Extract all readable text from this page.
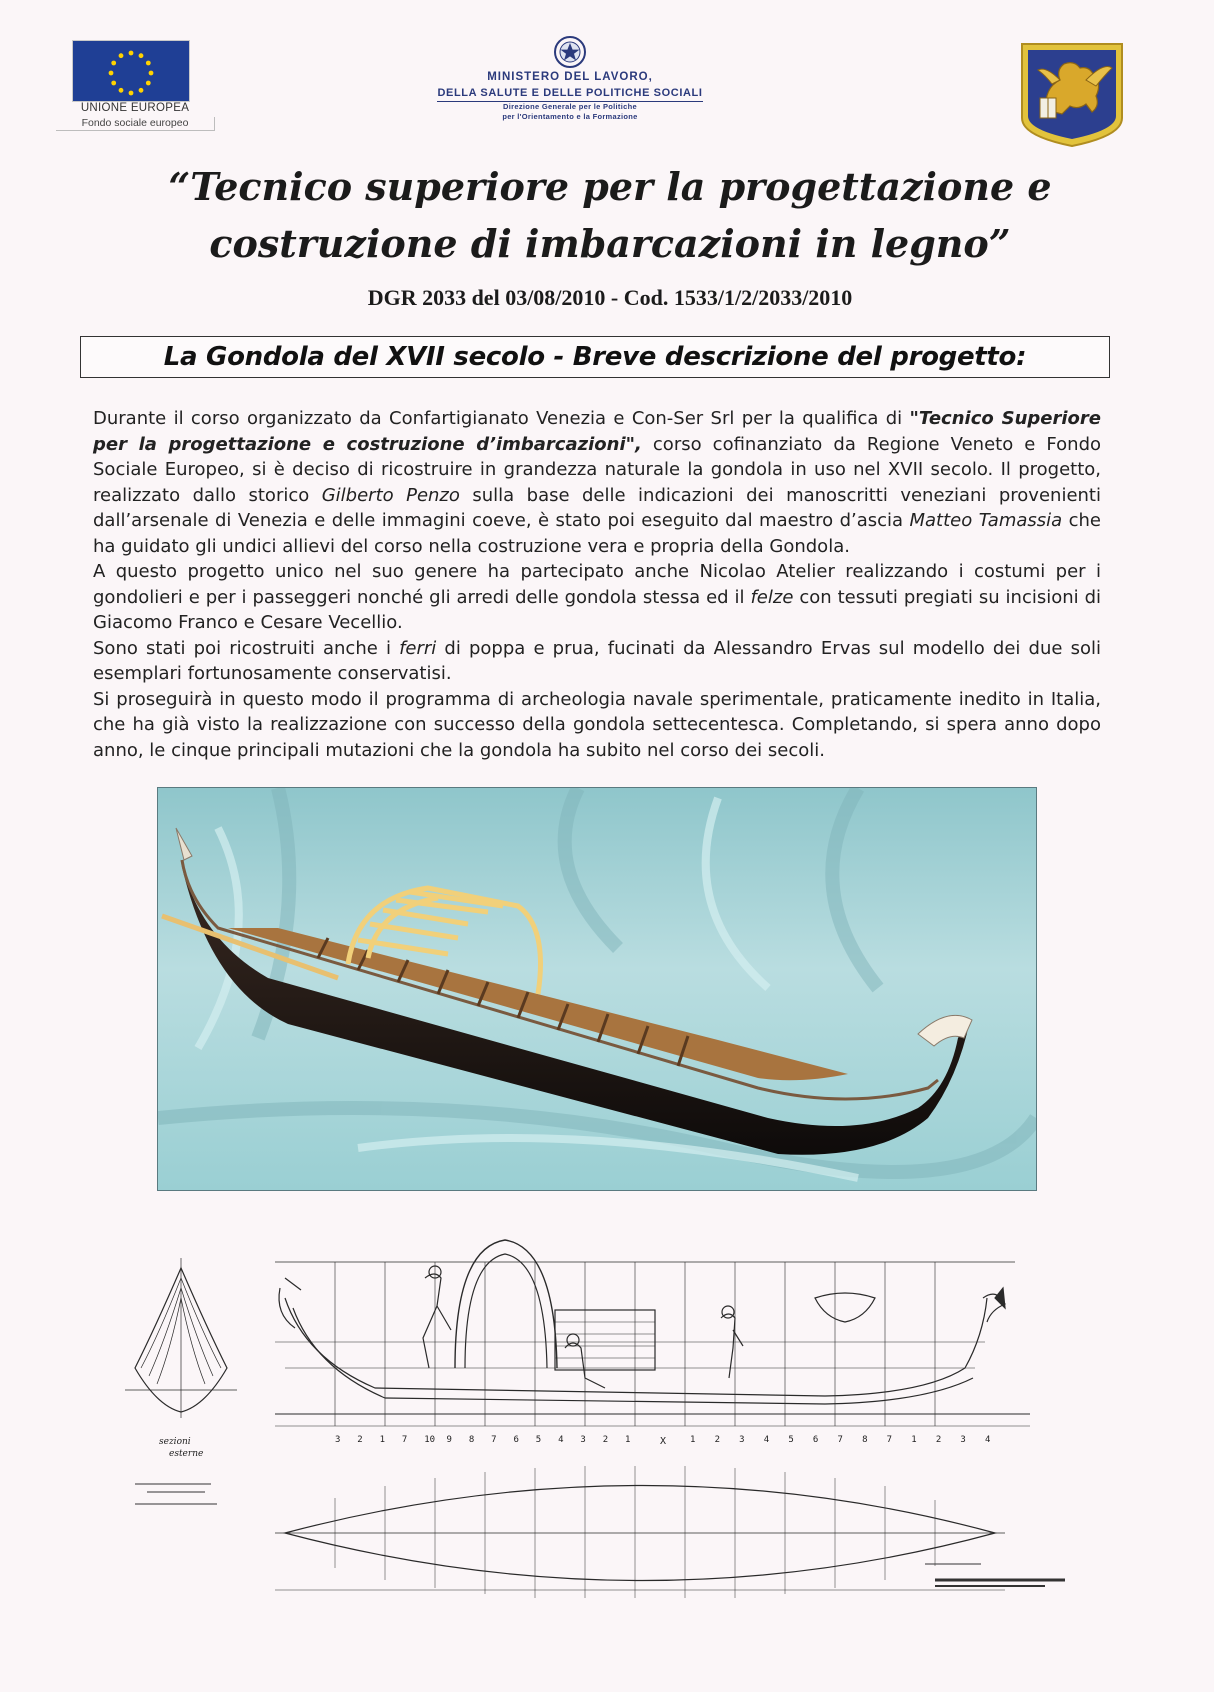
UNIONE EUROPEA
Fondo sociale europeo
MINISTERO DEL LAVORO,
DELLA SALUTE E DELLE POLITICHE SOCIALI
Direzione Generale per le Politiche
per l'Orientamento e la Formazione
“Tecnico superiore per la progettazione e
costruzione di imbarcazioni in legno”
DGR 2033 del 03/08/2010 - Cod. 1533/1/2/2033/2010
La Gondola del XVII secolo - Breve descrizione del progetto:

Durante il corso organizzato da Confartigianato Venezia e Con-Ser Srl per la qualifica di "Tecnico Superiore per la progettazione e costruzione d’imbarcazioni", corso cofinanziato da Regione Veneto e Fondo Sociale Europeo, si è deciso di ricostruire in grandezza naturale la gondola in uso nel XVII secolo. Il progetto, realizzato dallo storico Gilberto Penzo sulla base delle indicazioni dei manoscritti veneziani provenienti dall’arsenale di Venezia e delle immagini coeve, è stato poi eseguito dal maestro d’ascia Matteo Tamassia che ha guidato gli undici allievi del corso nella costruzione vera e propria della Gondola.

A questo progetto unico nel suo genere ha partecipato anche Nicolao Atelier realizzando i costumi per i gondolieri e per i passeggeri nonché gli arredi delle gondola stessa ed il felze con tessuti pregiati su incisioni di Giacomo Franco e Cesare Vecellio.

Sono stati poi ricostruiti anche i ferri di poppa e prua, fucinati da Alessandro Ervas sul modello dei due soli esemplari fortunosamente conservatisi.

Si proseguirà in questo modo il programma di archeologia navale sperimentale, praticamente inedito in Italia, che ha già visto la realizzazione con successo della gondola settecentesca. Completando, si spera anno dopo anno, le cinque principali mutazioni che la gondola ha subito nel corso dei secoli.

3 2 1 7 10 9 8 7 6 5 4 3 2 1	1 2 3 4 5 6 7 8 7 1 2 3 4
X
sezioni
esterne
